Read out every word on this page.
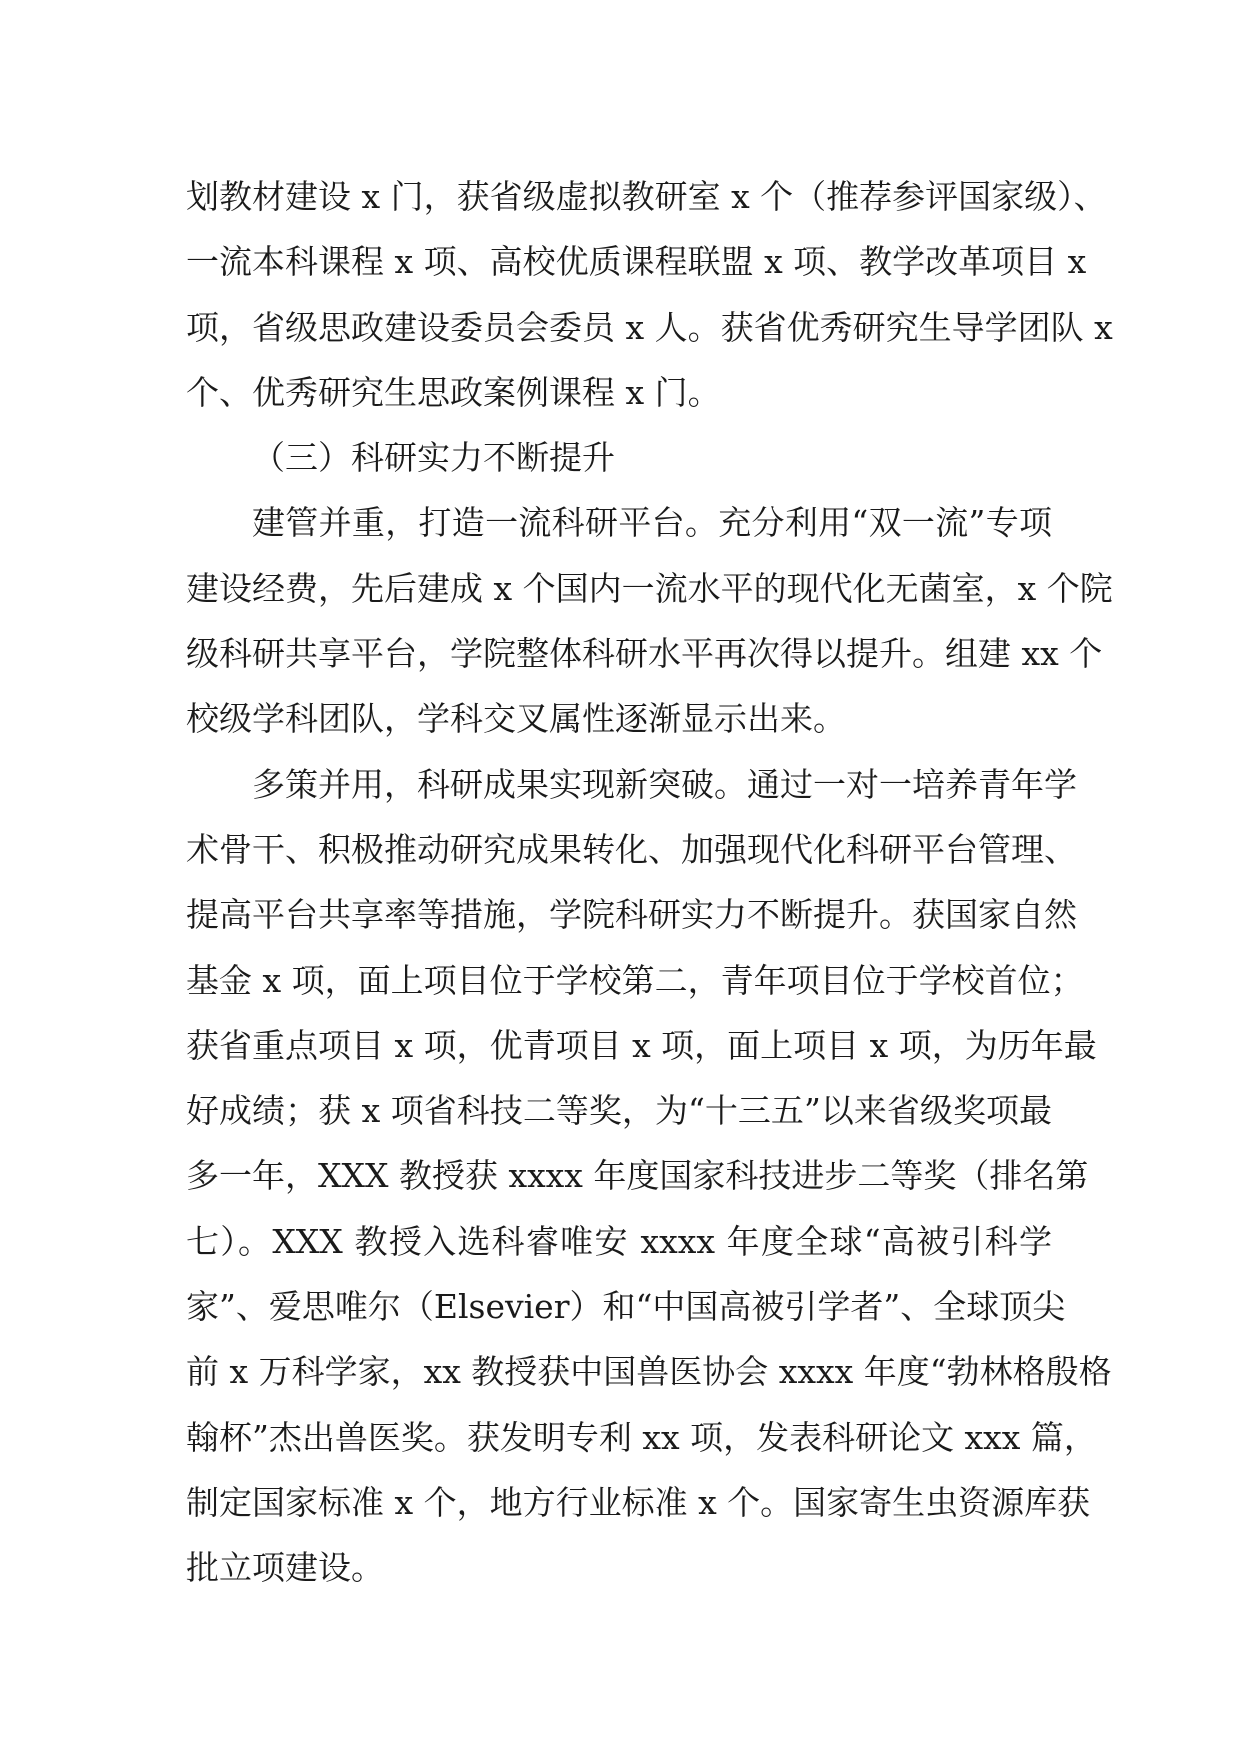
划教材建设 x 门，获省级虚拟教研室 x 个（推荐参评国家级）、
一流本科课程 x 项、高校优质课程联盟 x 项、教学改革项目 x
项，省级思政建设委员会委员 x 人。获省优秀研究生导学团队 x
个、优秀研究生思政案例课程 x 门。
（三）科研实力不断提升
建管并重，打造一流科研平台。充分利用“双一流”专项
建设经费，先后建成 x 个国内一流水平的现代化无菌室，x 个院
级科研共享平台，学院整体科研水平再次得以提升。组建 xx 个
校级学科团队，学科交叉属性逐渐显示出来。
多策并用，科研成果实现新突破。通过一对一培养青年学
术骨干、积极推动研究成果转化、加强现代化科研平台管理、
提高平台共享率等措施，学院科研实力不断提升。获国家自然
基金 x 项，面上项目位于学校第二，青年项目位于学校首位；
获省重点项目 x 项，优青项目 x 项，面上项目 x 项，为历年最
好成绩；获 x 项省科技二等奖，为“十三五”以来省级奖项最
多一年，XXX 教授获 xxxx 年度国家科技进步二等奖（排名第
七）。XXX 教授入选科睿唯安 xxxx 年度全球“高被引科学
家”、爱思唯尔（Elsevier）和“中国高被引学者”、全球顶尖
前 x 万科学家，xx 教授获中国兽医协会 xxxx 年度“勃林格殷格
翰杯”杰出兽医奖。获发明专利 xx 项，发表科研论文 xxx 篇，
制定国家标准 x 个，地方行业标准 x 个。国家寄生虫资源库获
批立项建设。
